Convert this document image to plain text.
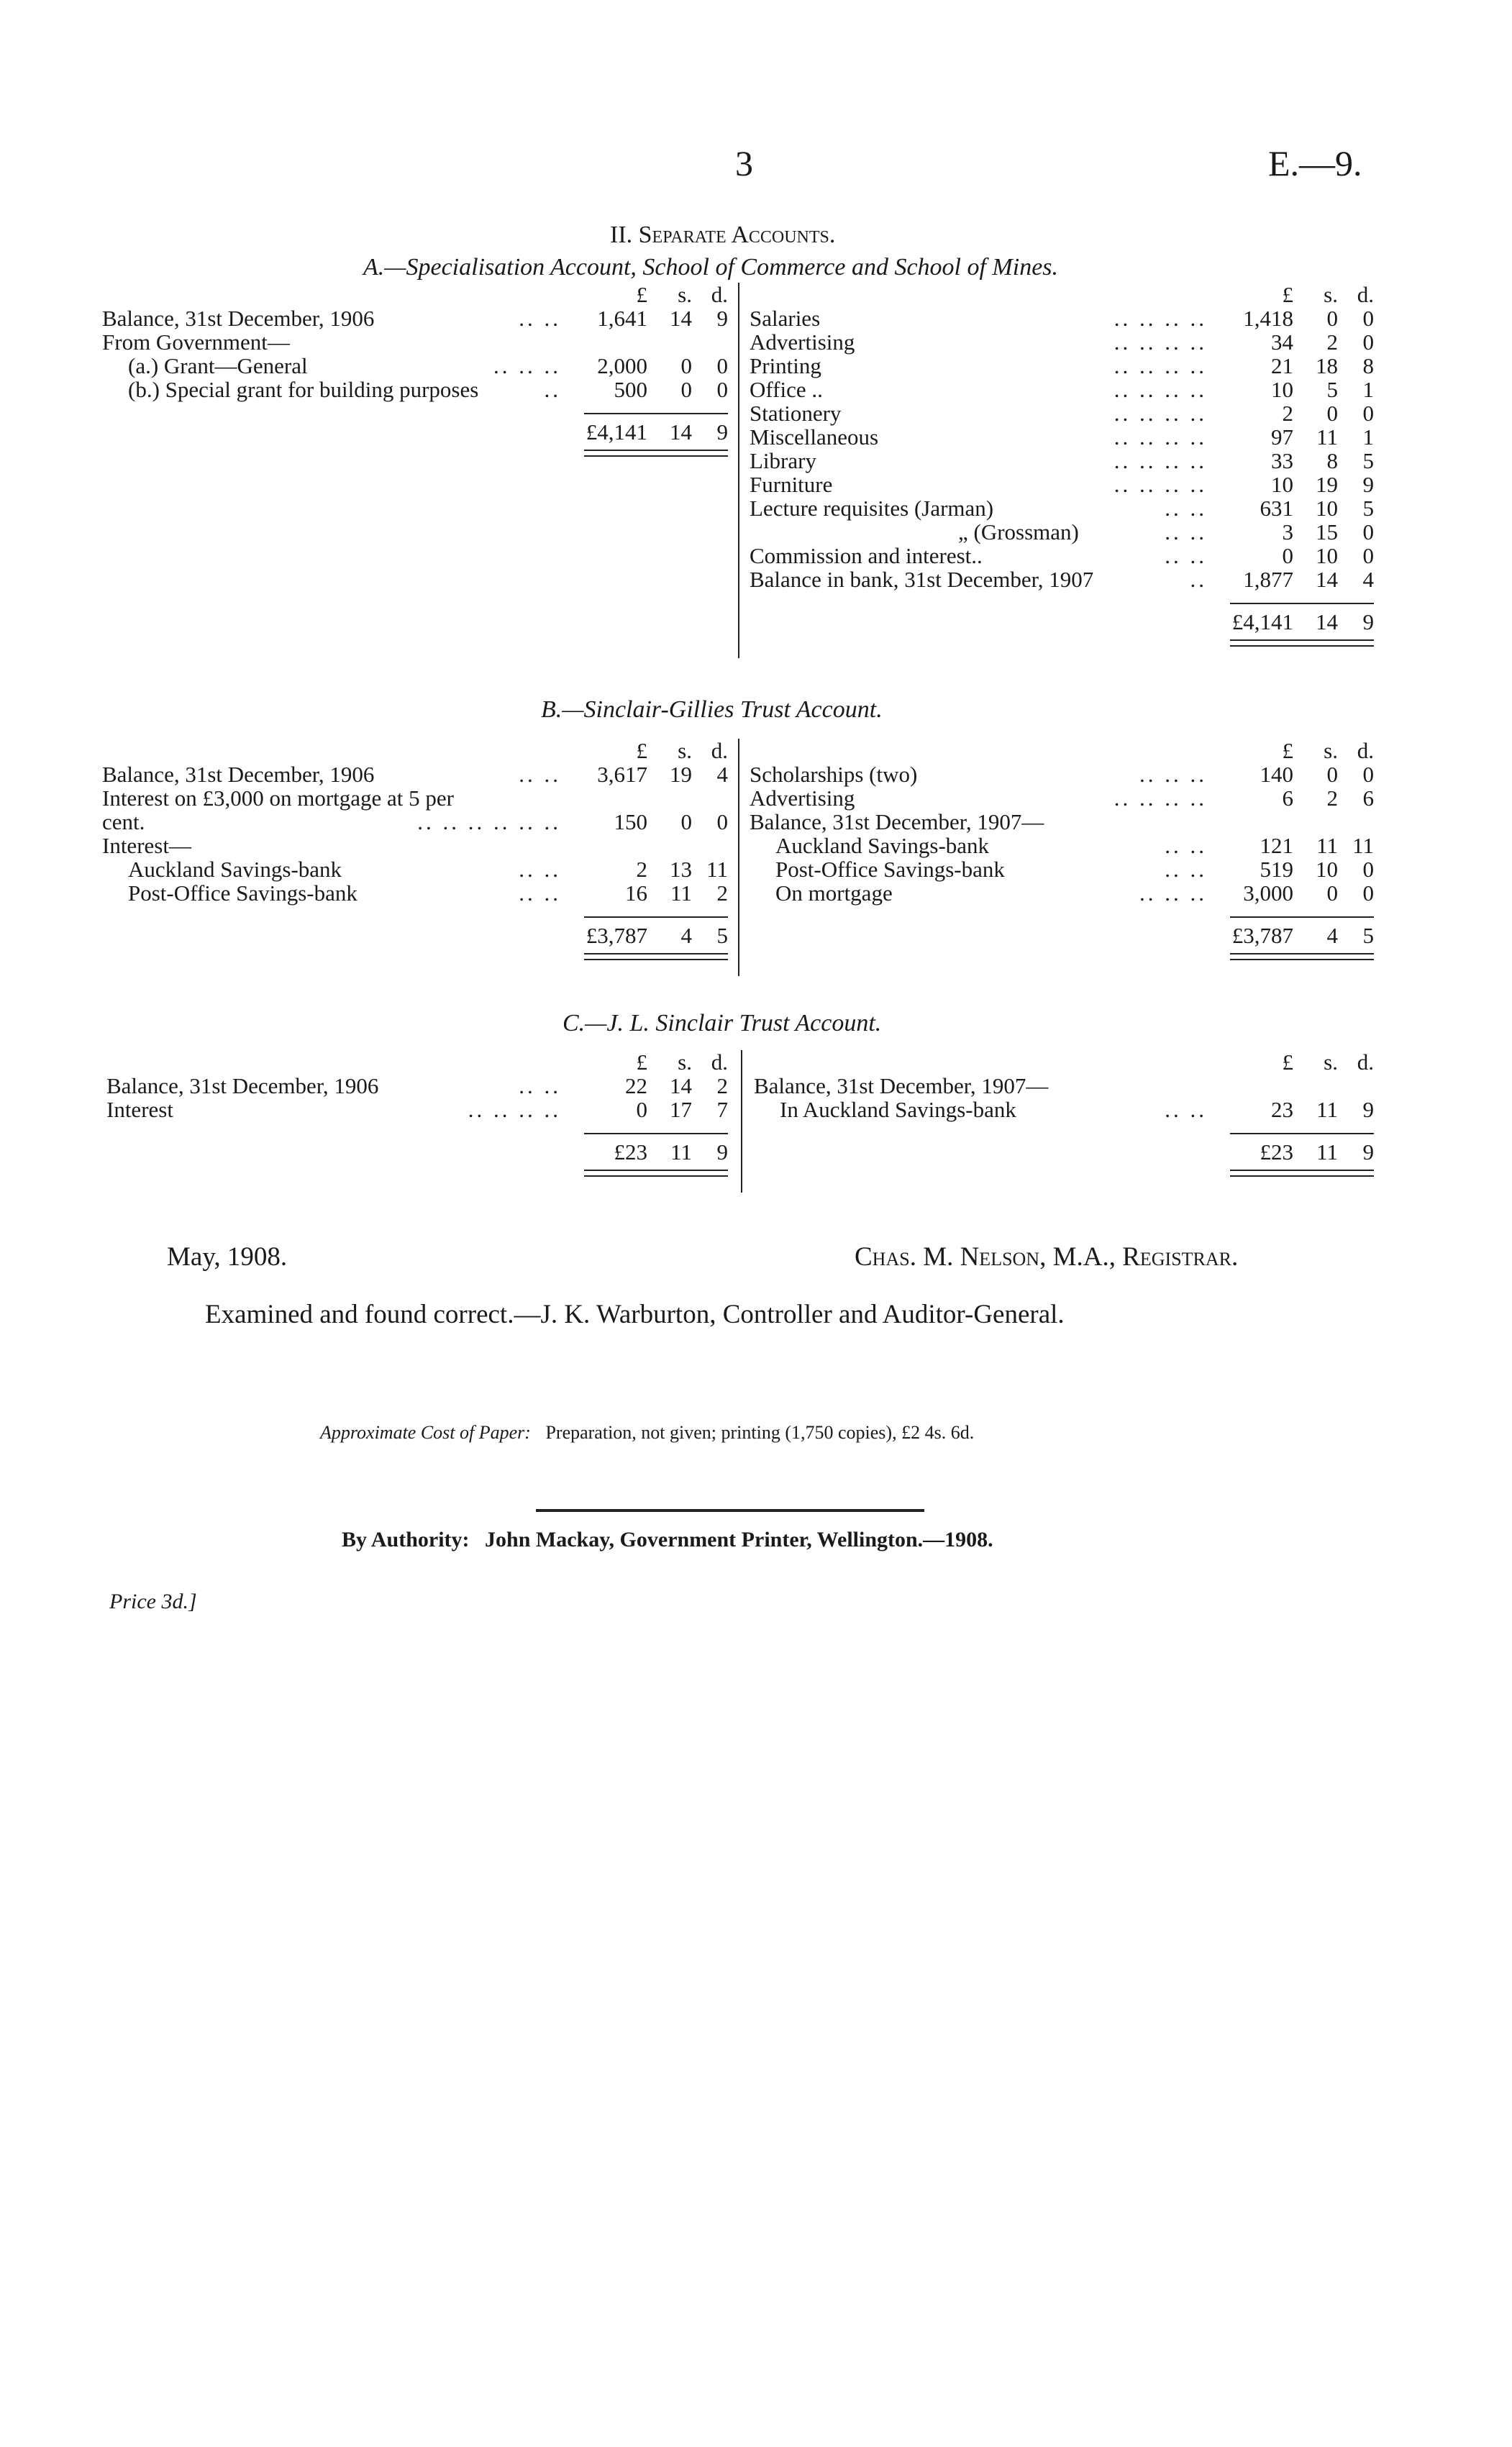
3	E.—9.
II. Separate Accounts.
A.—Specialisation Account, School of Commerce and School of Mines.
£	s. d.
Balance, 31st December, 1906	.. ..	1,641	14	9
From Government—
(a.) Grant—General	.. .. ..	2,000	0	0
(b.) Special grant for building purposes	..	500	0	0
£4,141	14	9
£	s. d.
Salaries	.. .. .. ..	1,418	0	0
Advertising	.. .. .. ..	34	2	0
Printing	.. .. .. ..	21	18	8
Office ..	.. .. .. ..	10	5	1
Stationery	.. .. .. ..	2	0	0
Miscellaneous	.. .. .. ..	97	11	1
Library	.. .. .. ..	33	8	5
Furniture	.. .. .. ..	10	19	9
Lecture requisites (Jarman)	.. ..	631	10	5
„ (Grossman)	.. ..	3	15	0
Commission and interest..	.. ..	0	10	0
Balance in bank, 31st December, 1907	..	1,877	14	4
£4,141	14	9
B.—Sinclair-Gillies Trust Account.
£	s. d.
Balance, 31st December, 1906	.. ..	3,617	19	4
Interest on £3,000 on mortgage at 5 per
cent.	.. .. .. .. .. ..	150	0	0
Interest—
Auckland Savings-bank	.. ..	2	13 11
Post-Office Savings-bank	.. ..	16	11	2
£3,787	4	5
£	s. d.
Scholarships (two)	.. .. ..	140	0	0
Advertising	.. .. .. ..	6	2	6
Balance, 31st December, 1907—
Auckland Savings-bank	.. ..	121	11 11
Post-Office Savings-bank	.. ..	519	10	0
On mortgage	.. .. ..	3,000	0	0
£3,787	4	5
C.—J. L. Sinclair Trust Account.
£	s. d.
Balance, 31st December, 1906	.. ..	22	14	2
Interest	.. .. .. ..	0	17	7
£23	11	9
£	s. d.
Balance, 31st December, 1907—
In Auckland Savings-bank	.. ..	23	11	9
£23	11	9
May, 1908.	Chas. M. Nelson, M.A., Registrar.
Examined and found correct.—J. K. Warburton, Controller and Auditor-General.
Approximate Cost of Paper: Preparation, not given; printing (1,750 copies), £2 4s. 6d.
By Authority: John Mackay, Government Printer, Wellington.—1908.
Price 3d.]
